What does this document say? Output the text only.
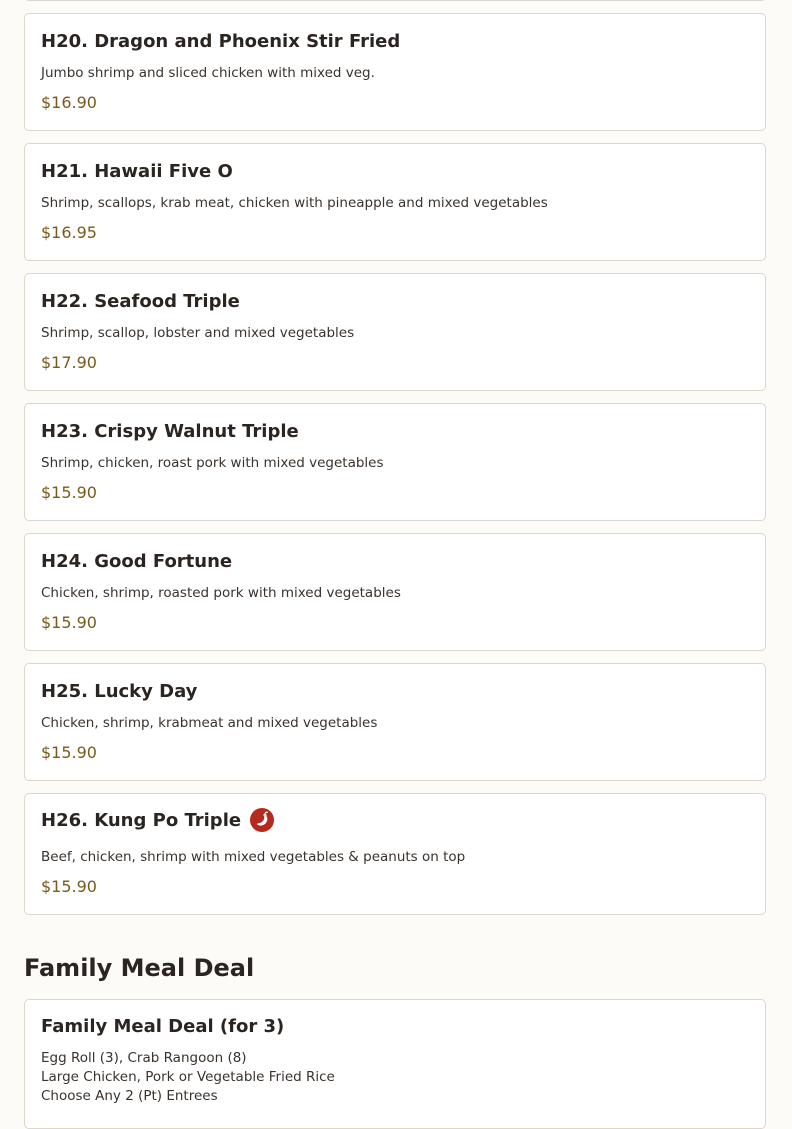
H20. Dragon and Phoenix Stir Fried
Jumbo shrimp and sliced chicken with mixed veg.
$16.90
H21. Hawaii Five O
Shrimp, scallops, krab meat, chicken with pineapple and mixed vegetables
$16.95
H22. Seafood Triple
Shrimp, scallop, lobster and mixed vegetables
$17.90
H23. Crispy Walnut Triple
Shrimp, chicken, roast pork with mixed vegetables
$15.90
H24. Good Fortune
Chicken, shrimp, roasted pork with mixed vegetables
$15.90
H25. Lucky Day
Chicken, shrimp, krabmeat and mixed vegetables
$15.90
H26. Kung Po Triple
Beef, chicken, shrimp with mixed vegetables & peanuts on top
$15.90
Family Meal Deal
Family Meal Deal (for 3)
Egg Roll (3), Crab Rangoon (8)
Large Chicken, Pork or Vegetable Fried Rice
Choose Any 2 (Pt) Entrees
